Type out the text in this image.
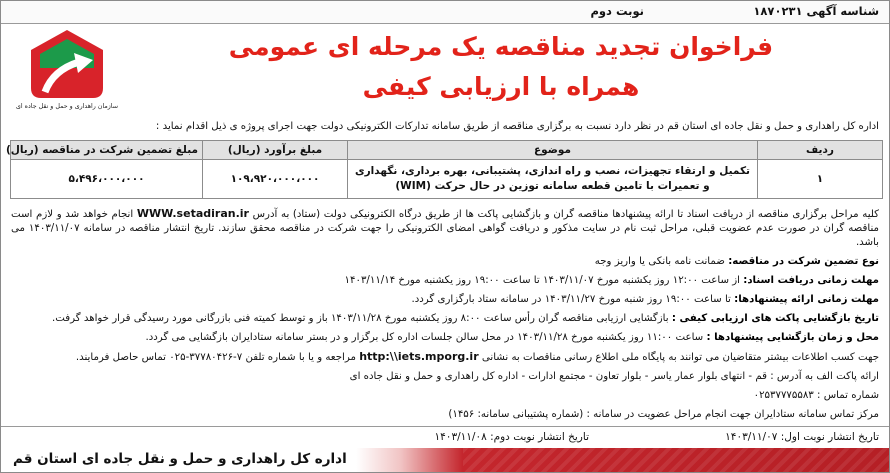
شناسه آگهی ۱۸۷۰۲۳۱
نوبت دوم
سازمان راهداری و حمل و نقل جاده ای
فراخوان تجدید مناقصه یک مرحله ای عمومی
همراه با ارزیابی کیفی
اداره کل راهداری و حمل و نقل جاده ای استان قم در نظر دارد نسبت به برگزاری مناقصه از طریق سامانه تدارکات الکترونیکی دولت جهت اجرای پروژه ی ذیل اقدام نماید :
ردیف	موضوع	مبلغ برآورد (ریال)	مبلغ تضمین شرکت در مناقصه (ریال)
۱	تکمیل و ارتقاء تجهیزات، نصب و راه اندازی، پشتیبانی، بهره برداری، نگهداری و تعمیرات با تامین قطعه سامانه توزین در حال حرکت (WIM)	۱۰۹،۹۲۰،۰۰۰،۰۰۰	۵،۴۹۶،۰۰۰،۰۰۰

کلیه مراحل برگزاری مناقصه از دریافت اسناد تا ارائه پیشنهادها مناقصه گران و بازگشایی پاکت ها از طریق درگاه الکترونیکی دولت (ستاد) به آدرس WWW.setadiran.ir انجام خواهد شد و لازم است مناقصه گران در صورت عدم عضویت قبلی، مراحل ثبت نام در سایت مذکور و دریافت گواهی امضای الکترونیکی را جهت شرکت در مناقصه محقق سازند. تاریخ انتشار مناقصه در سامانه ۱۴۰۳/۱۱/۰۷ می باشد.

نوع تضمین شرکت در مناقصه: ضمانت نامه بانکی یا واریز وجه

مهلت زمانی دریافت اسناد: از ساعت ۱۲:۰۰ روز یکشنبه مورخ ۱۴۰۳/۱۱/۰۷ تا ساعت ۱۹:۰۰ روز یکشنبه مورخ ۱۴۰۳/۱۱/۱۴

مهلت زمانی ارائه پیشنهادها: تا ساعت ۱۹:۰۰ روز شنبه مورخ ۱۴۰۳/۱۱/۲۷ در سامانه ستاد بارگزاری گردد.

تاریخ بازگشایی پاکت های ارزیابی کیفی : بازگشایی ارزیابی مناقصه گران رأس ساعت ۸:۰۰ روز یکشنبه مورخ ۱۴۰۳/۱۱/۲۸ باز و توسط کمیته فنی بازرگانی مورد رسیدگی قرار خواهد گرفت.

محل و زمان بازگشایی پیشنهادها : ساعت ۱۱:۰۰ روز یکشنبه مورخ ۱۴۰۳/۱۱/۲۸ در محل سالن جلسات اداره کل برگزار و در بستر سامانه ستادایران بازگشایی می گردد.

جهت کسب اطلاعات بیشتر متقاضیان می توانند به پایگاه ملی اطلاع رسانی مناقصات به نشانی http:\\iets.mporg.ir مراجعه و یا با شماره تلفن ۰۲۵-۳۷۷۸۰۴۲۶-۷ تماس حاصل فرمایند.

ارائه پاکت الف به آدرس : قم - انتهای بلوار عمار یاسر - بلوار تعاون - مجتمع ادارات - اداره کل راهداری و حمل و نقل جاده ای

شماره تماس : ۰۲۵۳۷۷۷۵۵۸۳

مرکز تماس سامانه ستادایران جهت انجام مراحل عضویت در سامانه : (شماره پشتیبانی سامانه: ۱۴۵۶)

تاریخ انتشار نوبت اول: ۱۴۰۳/۱۱/۰۷
تاریخ انتشار نوبت دوم: ۱۴۰۳/۱۱/۰۸
اداره کل راهداری و حمل و نقل جاده ای استان قم
